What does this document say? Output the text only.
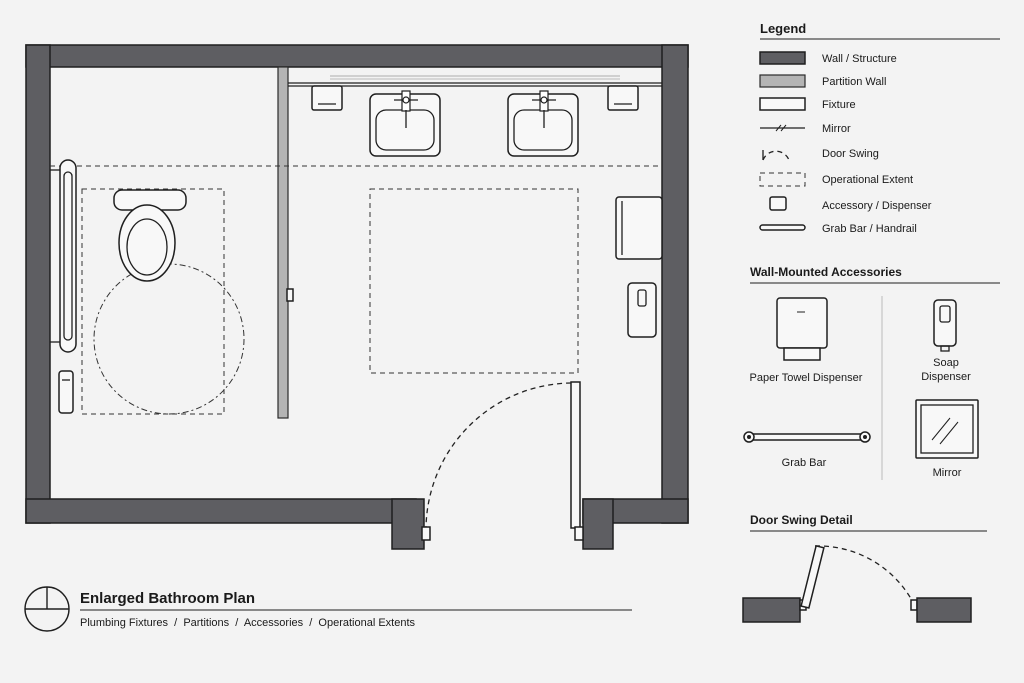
Enlarged Bathroom Plan
Plumbing Fixtures  /  Partitions  /  Accessories  /  Operational Extents
Legend
Wall / Structure
Partition Wall
Fixture
Mirror
Door Swing
Operational Extent
Accessory / Dispenser
Grab Bar / Handrail
Wall-Mounted Accessories
Paper Towel Dispenser
Soap
Dispenser
Grab Bar
Mirror
Door Swing Detail
